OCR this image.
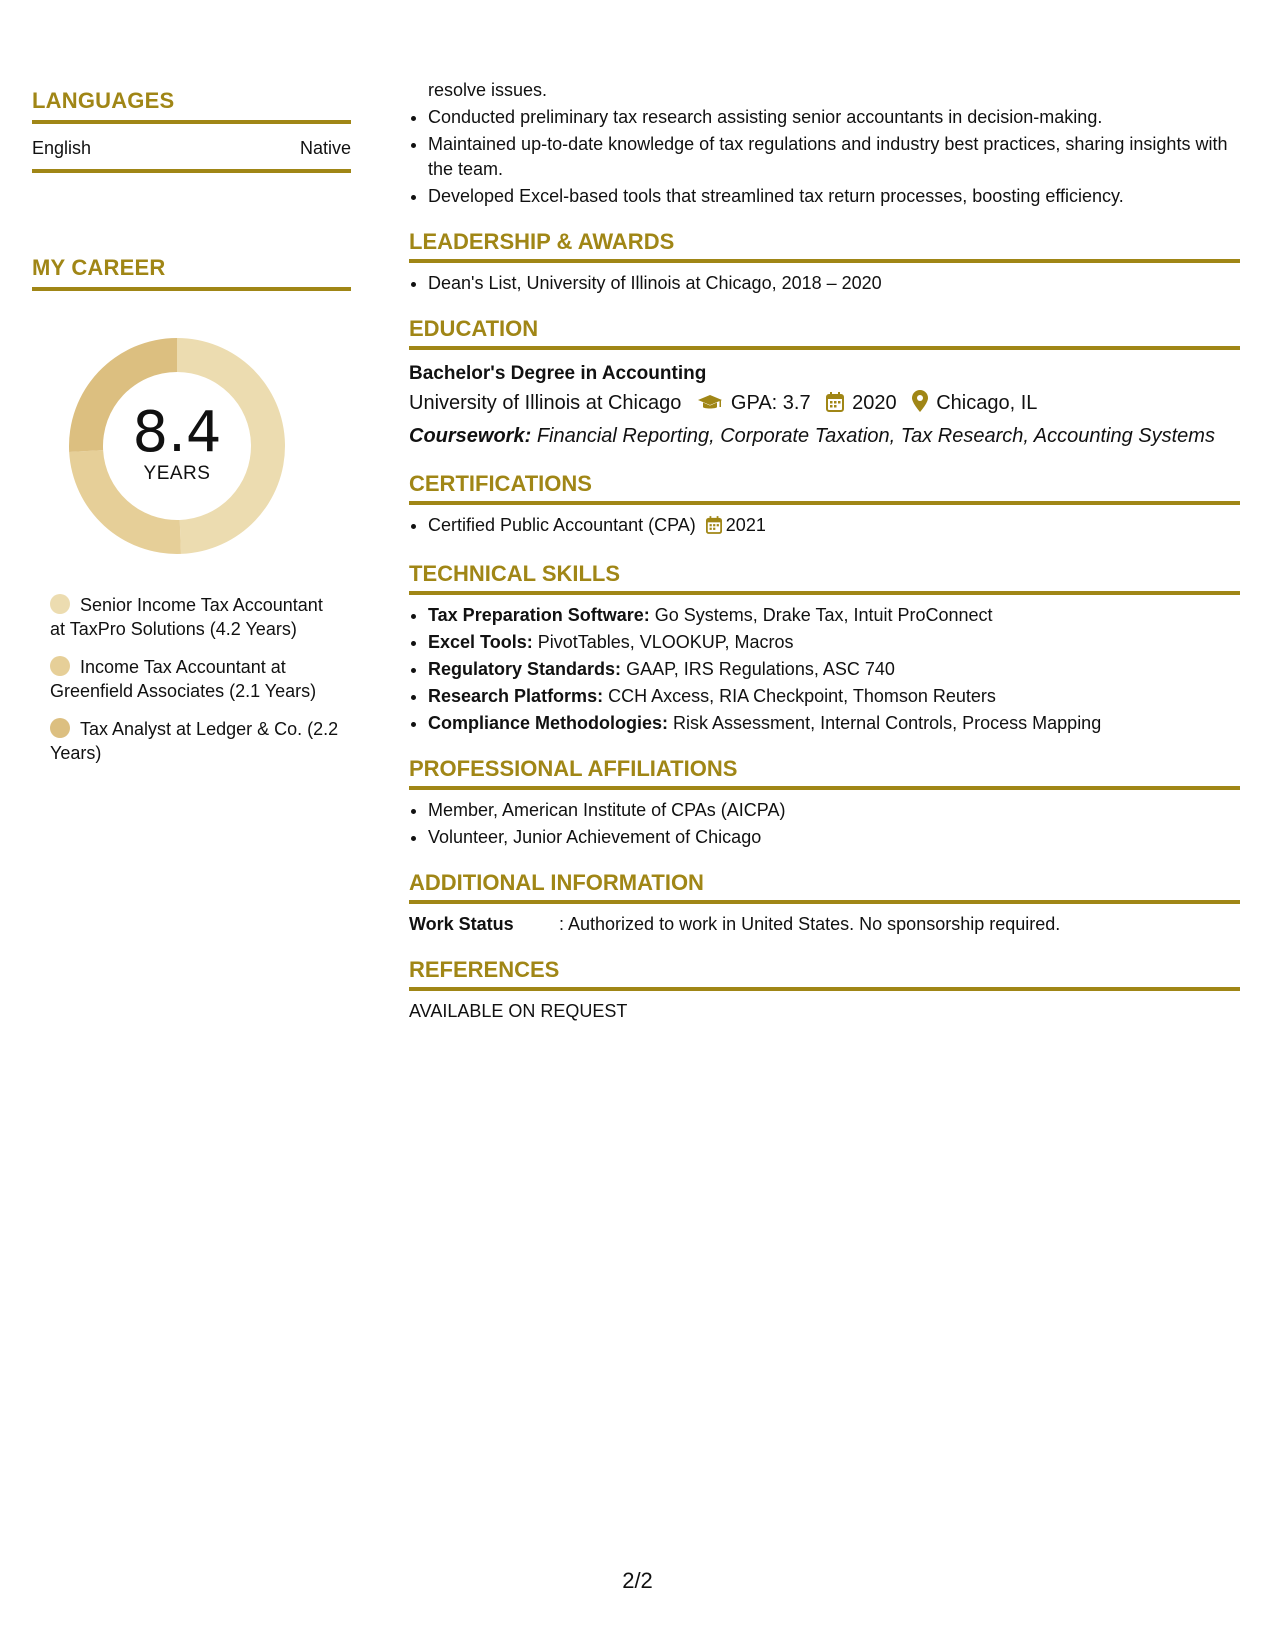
LANGUAGES
English	Native
MY CAREER
8.4
YEARS
Senior Income Tax Accountant at TaxPro Solutions (4.2 Years)
Income Tax Accountant at Greenfield Associates (2.1 Years)
Tax Analyst at Ledger & Co. (2.2 Years)
resolve issues.
• Conducted preliminary tax research assisting senior accountants in decision-making.
• Maintained up-to-date knowledge of tax regulations and industry best practices, sharing insights with the team.
• Developed Excel-based tools that streamlined tax return processes, boosting efficiency.
LEADERSHIP & AWARDS
• Dean's List, University of Illinois at Chicago, 2018 – 2020
EDUCATION
Bachelor's Degree in Accounting
University of Illinois at Chicago GPA: 3.7 2020 Chicago, IL
Coursework: Financial Reporting, Corporate Taxation, Tax Research, Accounting Systems
CERTIFICATIONS
• Certified Public Accountant (CPA) 2021
TECHNICAL SKILLS
• Tax Preparation Software: Go Systems, Drake Tax, Intuit ProConnect
• Excel Tools: PivotTables, VLOOKUP, Macros
• Regulatory Standards: GAAP, IRS Regulations, ASC 740
• Research Platforms: CCH Axcess, RIA Checkpoint, Thomson Reuters
• Compliance Methodologies: Risk Assessment, Internal Controls, Process Mapping
PROFESSIONAL AFFILIATIONS
• Member, American Institute of CPAs (AICPA)
• Volunteer, Junior Achievement of Chicago
ADDITIONAL INFORMATION
Work Status	: Authorized to work in United States. No sponsorship required.
REFERENCES
AVAILABLE ON REQUEST
2/2
